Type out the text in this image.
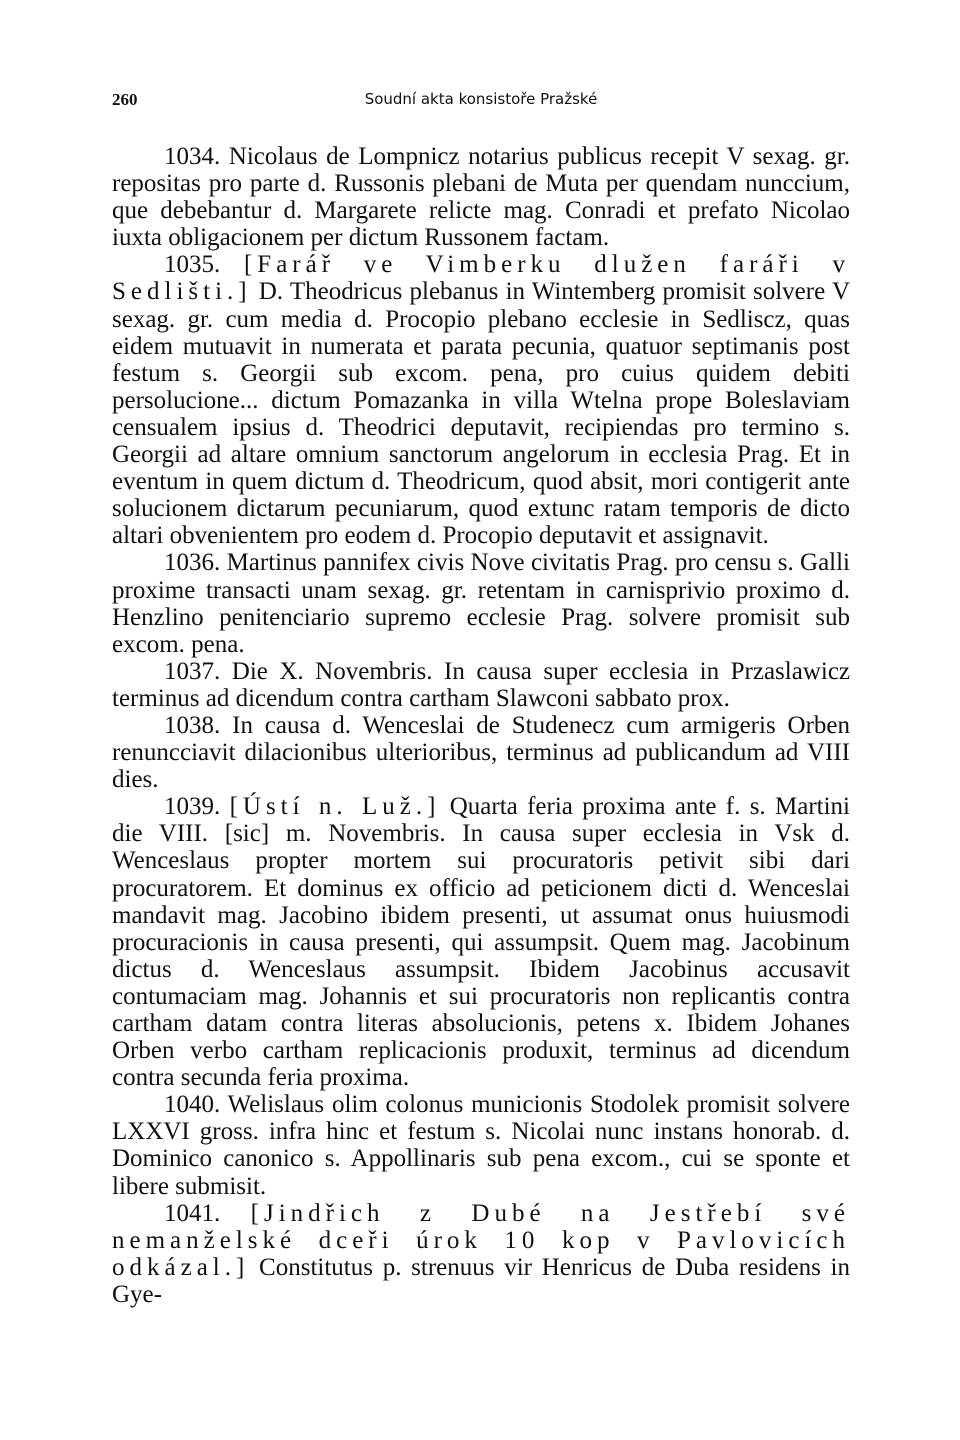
260	Soudní akta konsistoře Pražské

1034. Nicolaus de Lompnicz notarius publicus recepit V sexag. gr. repositas pro parte d. Russonis plebani de Muta per quendam nunccium, que debebantur d. Margarete relicte mag. Conradi et prefato Nicolao iuxta obligacionem per dictum Russonem factam.

1035. [Farář ve Vimberku dlužen faráři v Sedlišti.] D. Theodricus plebanus in Wintemberg promisit solvere V sexag. gr. cum media d. Procopio plebano ecclesie in Sedliscz, quas eidem mutuavit in numerata et parata pecunia, quatuor septimanis post festum s. Georgii sub excom. pena, pro cuius quidem debiti persolucione... dictum Pomazanka in villa Wtelna prope Boleslaviam censualem ipsius d. Theodrici deputavit, recipiendas pro termino s. Georgii ad altare omnium sanctorum angelorum in ecclesia Prag. Et in eventum in quem dictum d. Theodricum, quod absit, mori contigerit ante solucionem dictarum pecuniarum, quod extunc ratam temporis de dicto altari obvenientem pro eodem d. Procopio deputavit et assignavit.

1036. Martinus pannifex civis Nove civitatis Prag. pro censu s. Galli proxime transacti unam sexag. gr. retentam in carnisprivio proximo d. Henzlino penitenciario supremo ecclesie Prag. solvere promisit sub excom. pena.

1037. Die X. Novembris. In causa super ecclesia in Przaslawicz terminus ad dicendum contra cartham Slawconi sabbato prox.

1038. In causa d. Wenceslai de Studenecz cum armigeris Orben renuncciavit dilacionibus ulterioribus, terminus ad publicandum ad VIII dies.

1039. [Ústí n. Luž.] Quarta feria proxima ante f. s. Martini die VIII. [sic] m. Novembris. In causa super ecclesia in Vsk d. Wenceslaus propter mortem sui procuratoris petivit sibi dari procuratorem. Et dominus ex officio ad peticionem dicti d. Wenceslai mandavit mag. Jacobino ibidem presenti, ut assumat onus huiusmodi procuracionis in causa presenti, qui assumpsit. Quem mag. Jacobinum dictus d. Wenceslaus assumpsit. Ibidem Jacobinus accusavit contumaciam mag. Johannis et sui procuratoris non replicantis contra cartham datam contra literas absolucionis, petens x. Ibidem Johanes Orben verbo cartham replicacionis produxit, terminus ad dicendum contra secunda feria proxima.

1040. Welislaus olim colonus municionis Stodolek promisit solvere LXXVI gross. infra hinc et festum s. Nicolai nunc instans honorab. d. Dominico canonico s. Appollinaris sub pena excom., cui se sponte et libere submisit.

1041. [Jindřich z Dubé na Jestřebí své nemanželské dceři úrok 10 kop v Pavlovicích odkázal.] Constitutus p. strenuus vir Henricus de Duba residens in Gye-
